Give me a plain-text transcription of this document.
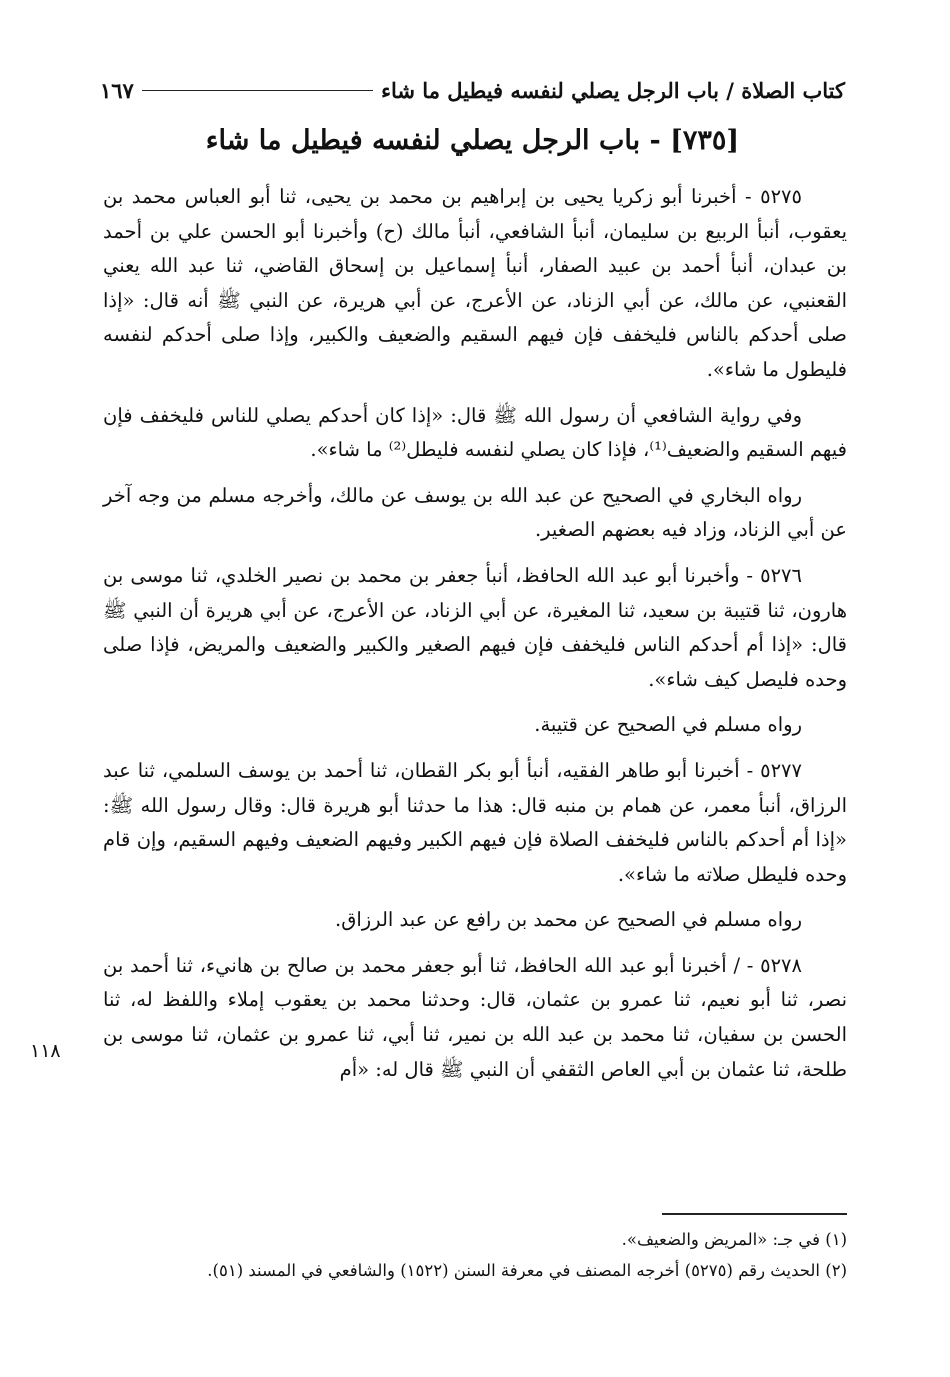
كتاب الصلاة / باب الرجل يصلي لنفسه فيطيل ما شاء
١٦٧
[٧٣٥] - باب الرجل يصلي لنفسه فيطيل ما شاء

٥٢٧٥ - أخبرنا أبو زكريا يحيى بن إبراهيم بن محمد بن يحيى، ثنا أبو العباس محمد بن يعقوب، أنبأ الربيع بن سليمان، أنبأ الشافعي، أنبأ مالك (ح) وأخبرنا أبو الحسن علي بن أحمد بن عبدان، أنبأ أحمد بن عبيد الصفار، أنبأ إسماعيل بن إسحاق القاضي، ثنا عبد الله يعني القعنبي، عن مالك، عن أبي الزناد، عن الأعرج، عن أبي هريرة، عن النبي ﷺ أنه قال: «إذا صلى أحدكم بالناس فليخفف فإن فيهم السقيم والضعيف والكبير، وإذا صلى أحدكم لنفسه فليطول ما شاء».

وفي رواية الشافعي أن رسول الله ﷺ قال: «إذا كان أحدكم يصلي للناس فليخفف فإن فيهم السقيم والضعيف⁽¹⁾، فإذا كان يصلي لنفسه فليطل⁽²⁾ ما شاء».

رواه البخاري في الصحيح عن عبد الله بن يوسف عن مالك، وأخرجه مسلم من وجه آخر عن أبي الزناد، وزاد فيه بعضهم الصغير.

٥٢٧٦ - وأخبرنا أبو عبد الله الحافظ، أنبأ جعفر بن محمد بن نصير الخلدي، ثنا موسى بن هارون، ثنا قتيبة بن سعيد، ثنا المغيرة، عن أبي الزناد، عن الأعرج، عن أبي هريرة أن النبي ﷺ قال: «إذا أم أحدكم الناس فليخفف فإن فيهم الصغير والكبير والضعيف والمريض، فإذا صلى وحده فليصل كيف شاء».

رواه مسلم في الصحيح عن قتيبة.

٥٢٧٧ - أخبرنا أبو طاهر الفقيه، أنبأ أبو بكر القطان، ثنا أحمد بن يوسف السلمي، ثنا عبد الرزاق، أنبأ معمر، عن همام بن منبه قال: هذا ما حدثنا أبو هريرة قال: وقال رسول الله ﷺ: «إذا أم أحدكم بالناس فليخفف الصلاة فإن فيهم الكبير وفيهم الضعيف وفيهم السقيم، وإن قام وحده فليطل صلاته ما شاء».

رواه مسلم في الصحيح عن محمد بن رافع عن عبد الرزاق.

٥٢٧٨ - / أخبرنا أبو عبد الله الحافظ، ثنا أبو جعفر محمد بن صالح بن هانيء، ثنا أحمد بن نصر، ثنا أبو نعيم، ثنا عمرو بن عثمان، قال: وحدثنا محمد بن يعقوب إملاء واللفظ له، ثنا الحسن بن سفيان، ثنا محمد بن عبد الله بن نمير، ثنا أبي، ثنا عمرو بن عثمان، ثنا موسى بن طلحة، ثنا عثمان بن أبي العاص الثقفي أن النبي ﷺ قال له: «أم

١١٨

(١) في جـ: «المريض والضعيف».

(٢) الحديث رقم (٥٢٧٥) أخرجه المصنف في معرفة السنن (١٥٢٢) والشافعي في المسند (٥١).
